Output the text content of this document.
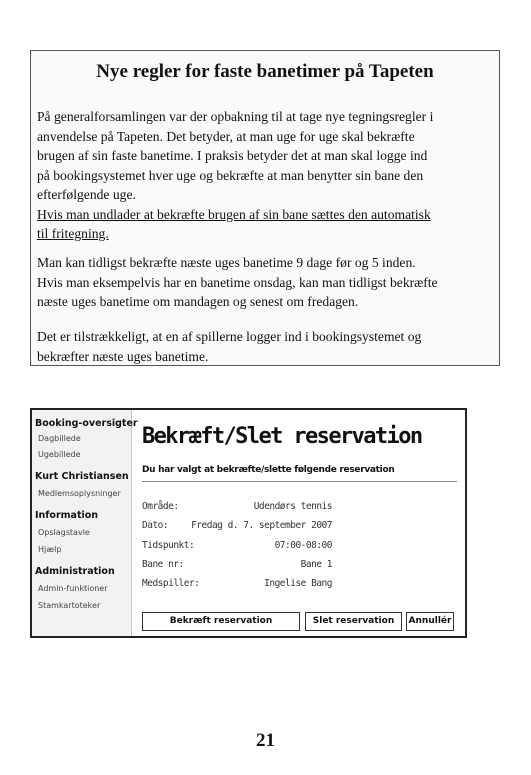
Nye regler for faste banetimer på Tapeten

På generalforsamlingen var der opbakning til at tage nye tegningsregler i
anvendelse på Tapeten. Det betyder, at man uge for uge skal bekræfte
brugen af sin faste banetime. I praksis betyder det at man skal logge ind
på bookingsystemet hver uge og bekræfte at man benytter sin bane den
efterfølgende uge.
Hvis man undlader at bekræfte brugen af sin bane sættes den automatisk
til fritegning.

Man kan tidligst bekræfte næste uges banetime 9 dage før og 5 inden.
Hvis man eksempelvis har en banetime onsdag, kan man tidligst bekræfte
næste uges banetime om mandagen og senest om fredagen.

Det er tilstrækkeligt, at en af spillerne logger ind i bookingsystemet og
bekræfter næste uges banetime.

Booking-oversigter
Dagbillede
Ugebillede
Kurt Christiansen
Medlemsoplysninger
Information
Opslagstavle
Hjælp
Administration
Admin-funktioner
Stamkartoteker
Bekræft/Slet reservation

Du har valgt at bekræfte/slette følgende reservation

Område:	Udendørs tennis
Dato: Fredag d. 7. september 2007
Tidspunkt:	07:00-08:00
Bane nr:	Bane 1
Medspiller:	Ingelise Bang
Bekræft reservation	Slet reservation	Annullér
21
